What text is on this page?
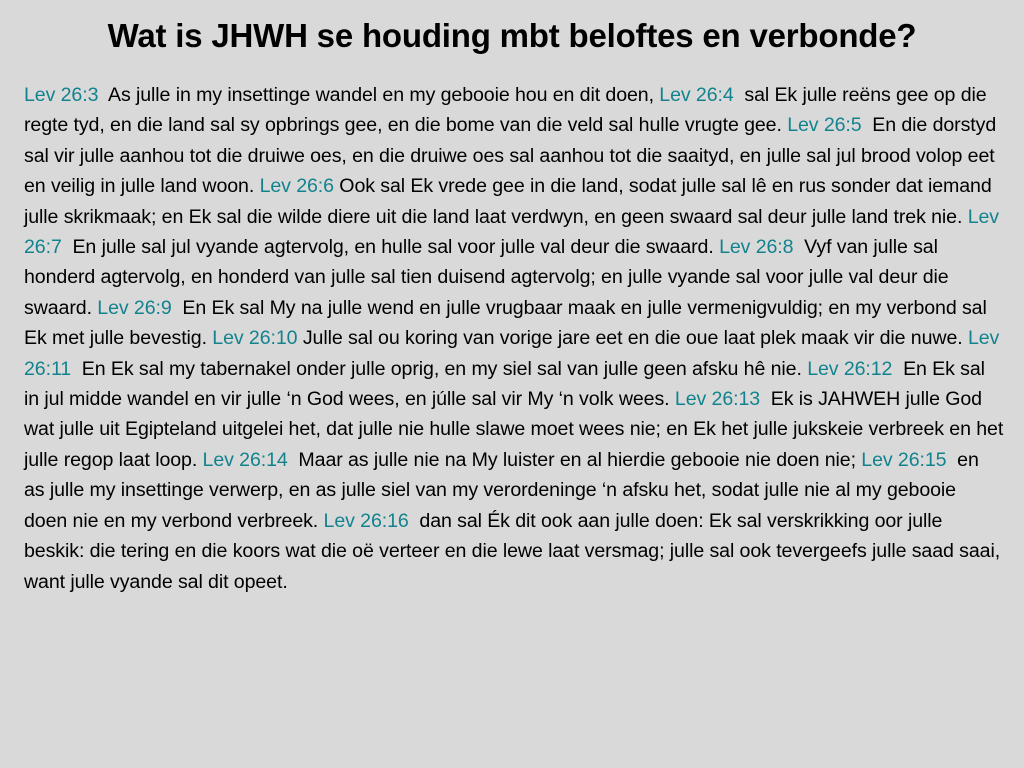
Wat is JHWH se houding mbt beloftes en verbonde?

Lev 26:3 As julle in my insettinge wandel en my gebooie hou en dit doen, Lev 26:4 sal Ek julle reëns gee op die regte tyd, en die land sal sy opbrings gee, en die bome van die veld sal hulle vrugte gee. Lev 26:5 En die dorstyd sal vir julle aanhou tot die druiwe oes, en die druiwe oes sal aanhou tot die saaityd, en julle sal jul brood volop eet en veilig in julle land woon. Lev 26:6 Ook sal Ek vrede gee in die land, sodat julle sal lê en rus sonder dat iemand julle skrikmaak; en Ek sal die wilde diere uit die land laat verdwyn, en geen swaard sal deur julle land trek nie. Lev 26:7 En julle sal jul vyande agtervolg, en hulle sal voor julle val deur die swaard. Lev 26:8 Vyf van julle sal honderd agtervolg, en honderd van julle sal tien duisend agtervolg; en julle vyande sal voor julle val deur die swaard. Lev 26:9 En Ek sal My na julle wend en julle vrugbaar maak en julle vermenigvuldig; en my verbond sal Ek met julle bevestig. Lev 26:10 Julle sal ou koring van vorige jare eet en die oue laat plek maak vir die nuwe. Lev 26:11 En Ek sal my tabernakel onder julle oprig, en my siel sal van julle geen afsku hê nie. Lev 26:12 En Ek sal in jul midde wandel en vir julle ‘n God wees, en júlle sal vir My ‘n volk wees. Lev 26:13 Ek is JAHWEH julle God wat julle uit Egipteland uitgelei het, dat julle nie hulle slawe moet wees nie; en Ek het julle jukskeie verbreek en het julle regop laat loop. Lev 26:14 Maar as julle nie na My luister en al hierdie gebooie nie doen nie; Lev 26:15 en as julle my insettinge verwerp, en as julle siel van my verordeninge ‘n afsku het, sodat julle nie al my gebooie doen nie en my verbond verbreek. Lev 26:16 dan sal Ék dit ook aan julle doen: Ek sal verskrikking oor julle beskik: die tering en die koors wat die oë verteer en die lewe laat versmag; julle sal ook tevergeefs julle saad saai, want julle vyande sal dit opeet.
